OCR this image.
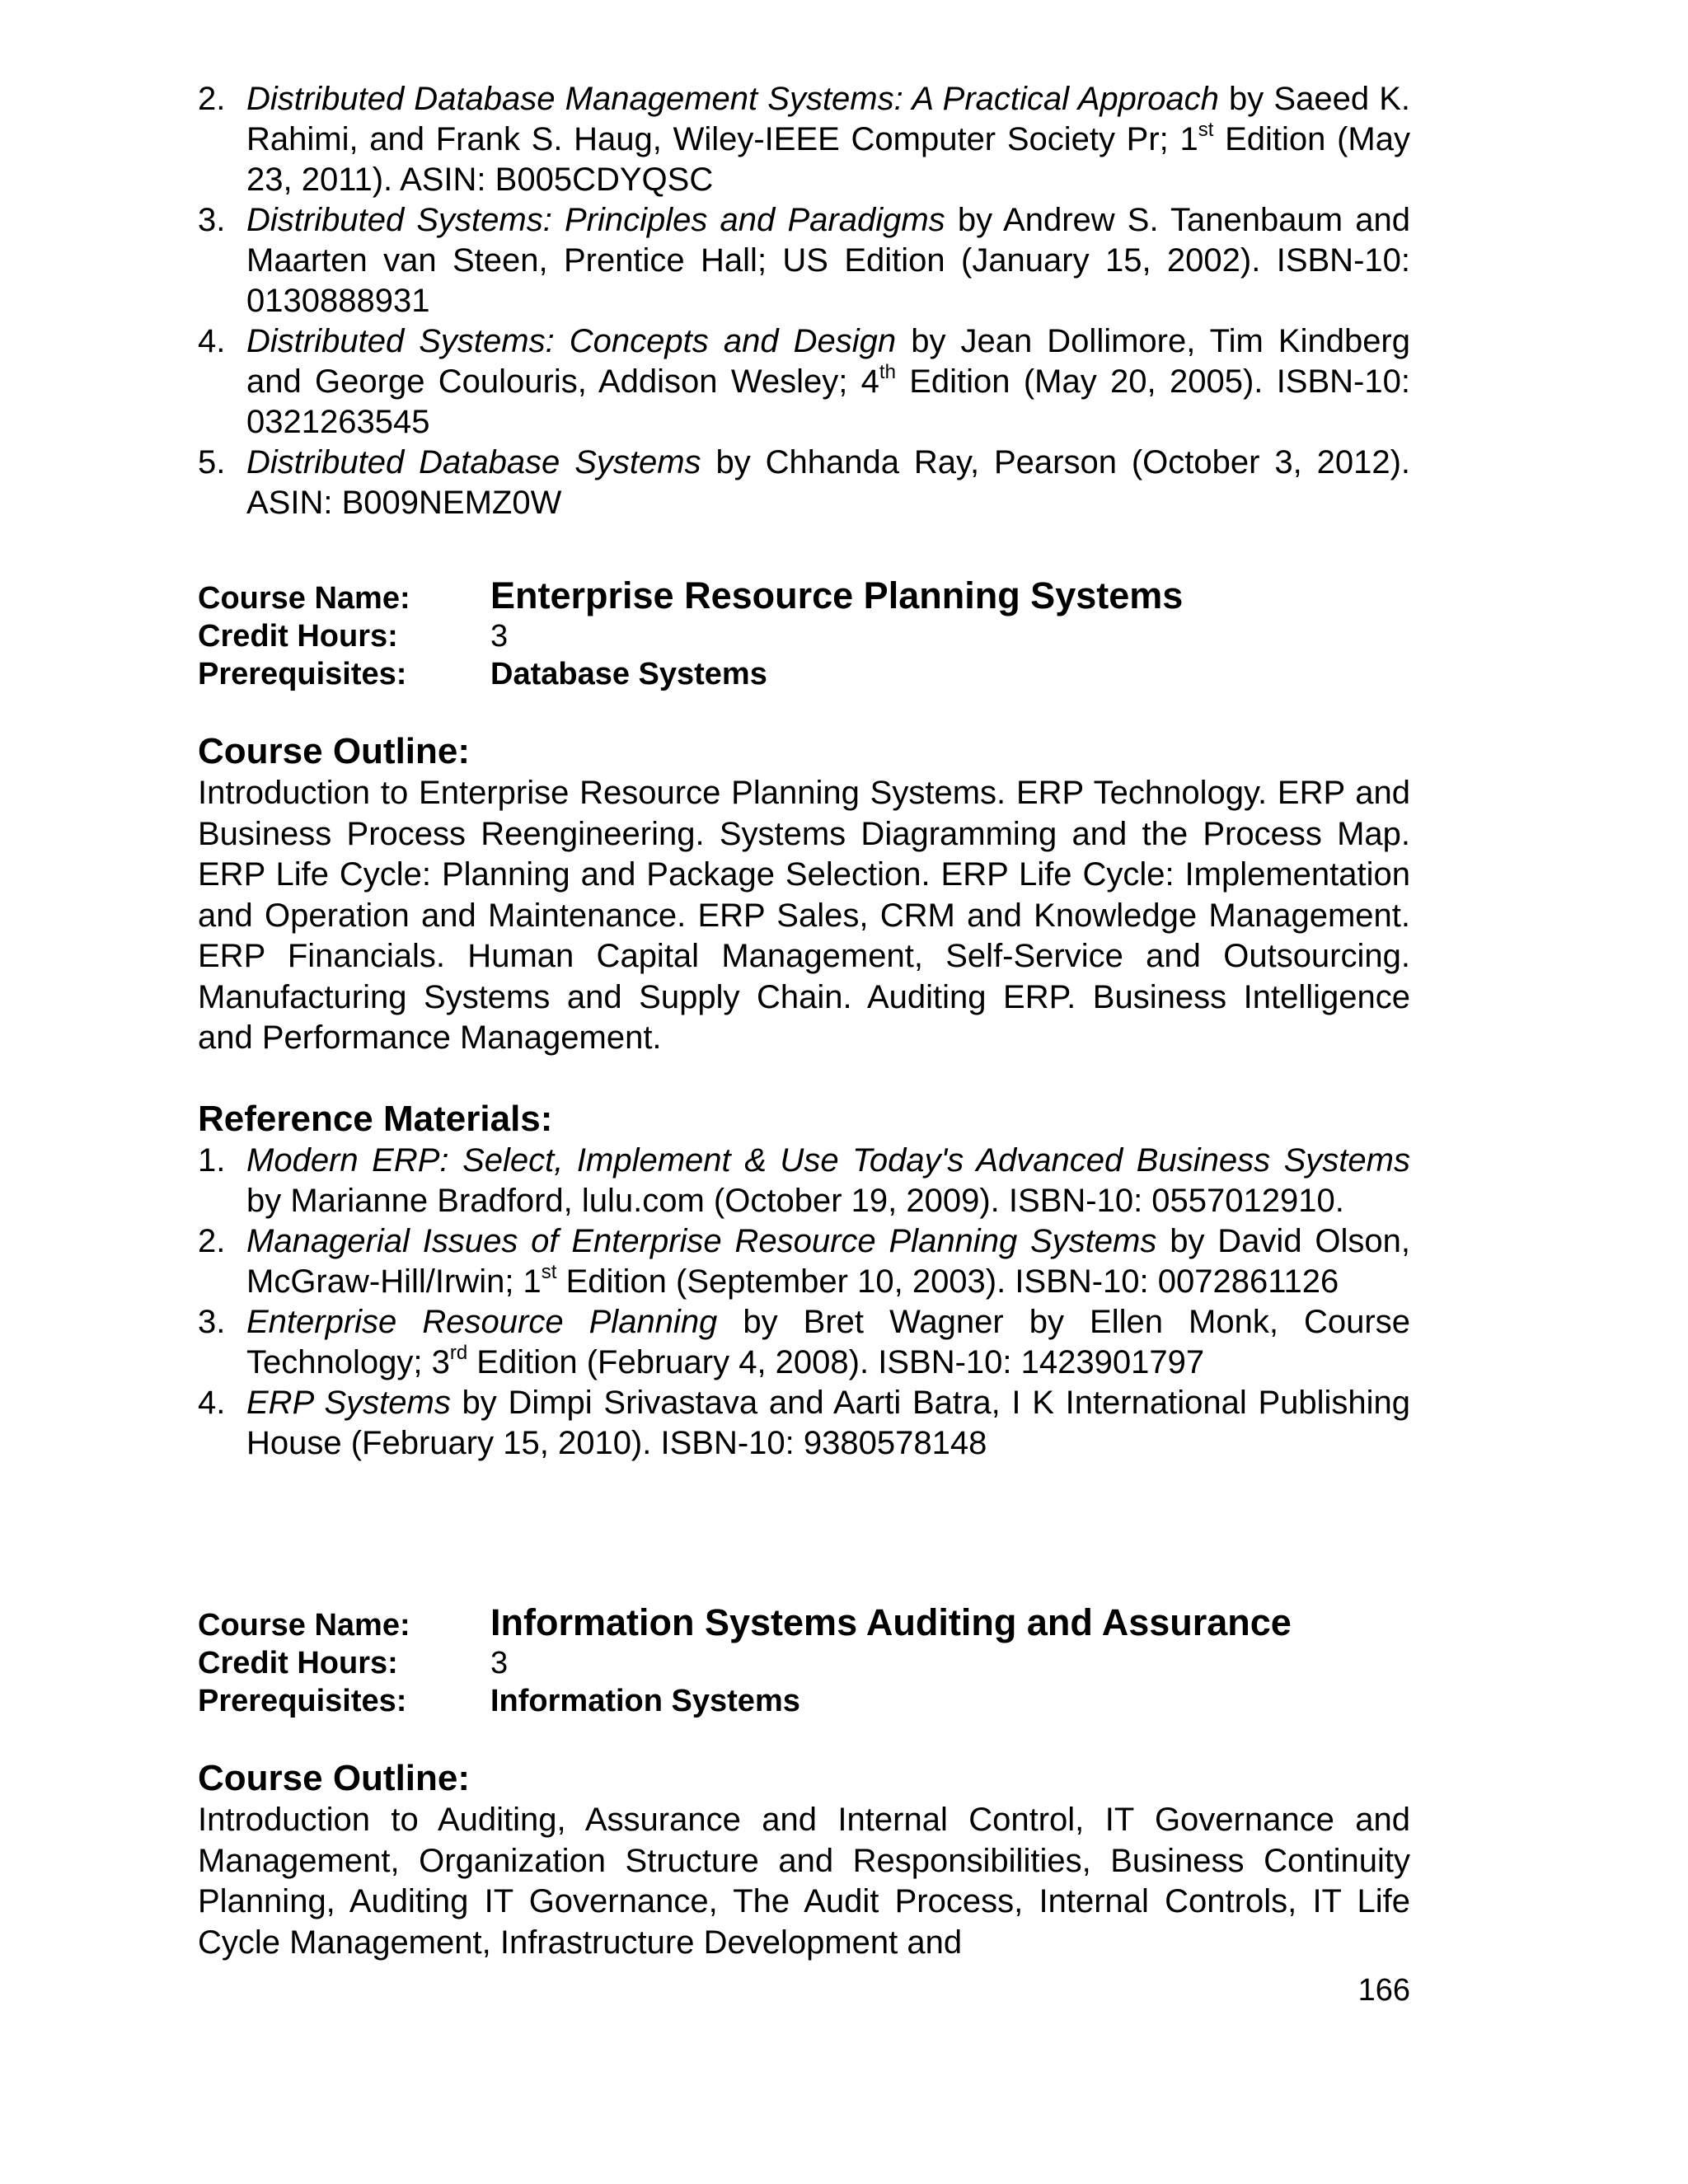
2. Distributed Database Management Systems: A Practical Approach by Saeed K. Rahimi, and Frank S. Haug, Wiley-IEEE Computer Society Pr; 1st Edition (May 23, 2011). ASIN: B005CDYQSC
3. Distributed Systems: Principles and Paradigms by Andrew S. Tanenbaum and Maarten van Steen, Prentice Hall; US Edition (January 15, 2002). ISBN-10: 0130888931
4. Distributed Systems: Concepts and Design by Jean Dollimore, Tim Kindberg and George Coulouris, Addison Wesley; 4th Edition (May 20, 2005). ISBN-10: 0321263545
5. Distributed Database Systems by Chhanda Ray, Pearson (October 3, 2012). ASIN: B009NEMZ0W
Course Name:	Enterprise Resource Planning Systems
Credit Hours:	3
Prerequisites:	Database Systems
Course Outline:

Introduction to Enterprise Resource Planning Systems. ERP Technology. ERP and Business Process Reengineering. Systems Diagramming and the Process Map. ERP Life Cycle: Planning and Package Selection. ERP Life Cycle: Implementation and Operation and Maintenance. ERP Sales, CRM and Knowledge Management. ERP Financials. Human Capital Management, Self-Service and Outsourcing. Manufacturing Systems and Supply Chain. Auditing ERP. Business Intelligence and Performance Management.

Reference Materials:
1. Modern ERP: Select, Implement & Use Today's Advanced Business Systems by Marianne Bradford, lulu.com (October 19, 2009). ISBN-10: 0557012910.
2. Managerial Issues of Enterprise Resource Planning Systems by David Olson, McGraw-Hill/Irwin; 1st Edition (September 10, 2003). ISBN-10: 0072861126
3. Enterprise Resource Planning by Bret Wagner by Ellen Monk, Course Technology; 3rd Edition (February 4, 2008). ISBN-10: 1423901797
4. ERP Systems by Dimpi Srivastava and Aarti Batra, I K International Publishing House (February 15, 2010). ISBN-10: 9380578148
Course Name:	Information Systems Auditing and Assurance
Credit Hours:	3
Prerequisites:	Information Systems
Course Outline:

Introduction to Auditing, Assurance and Internal Control, IT Governance and Management, Organization Structure and Responsibilities, Business Continuity Planning, Auditing IT Governance, The Audit Process, Internal Controls, IT Life Cycle Management, Infrastructure Development and

166
